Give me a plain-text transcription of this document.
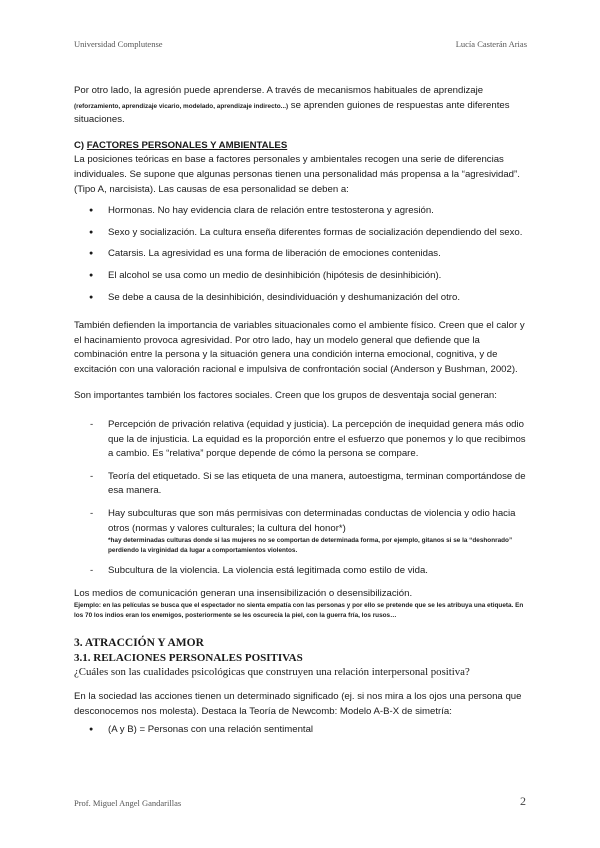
Universidad Complutense	Lucía Casterán Arias

Por otro lado, la agresión puede aprenderse. A través de mecanismos habituales de aprendizaje (reforzamiento, aprendizaje vicario, modelado, aprendizaje indirecto...) se aprenden guiones de respuestas ante diferentes situaciones.

C) FACTORES PERSONALES Y AMBIENTALES

La posiciones teóricas en base a factores personales y ambientales recogen una serie de diferencias individuales. Se supone que algunas personas tienen una personalidad más propensa a la “agresividad”. (Tipo A, narcisista). Las causas de esa personalidad se deben a:

● Hormonas. No hay evidencia clara de relación entre testosterona y agresión.
● Sexo y socialización. La cultura enseña diferentes formas de socialización dependiendo del sexo.
● Catarsis. La agresividad es una forma de liberación de emociones contenidas.
● El alcohol se usa como un medio de desinhibición (hipótesis de desinhibición).
● Se debe a causa de la desinhibición, desindividuación y deshumanización del otro.

También defienden la importancia de variables situacionales como el ambiente físico. Creen que el calor y el hacinamiento provoca agresividad. Por otro lado, hay un modelo general que defiende que la combinación entre la persona y la situación genera una condición interna emocional, cognitiva, y de excitación con una valoración racional e impulsiva de confrontación social (Anderson y Bushman, 2002).

Son importantes también los factores sociales. Creen que los grupos de desventaja social generan:

- Percepción de privación relativa (equidad y justicia). La percepción de inequidad genera más odio que la de injusticia. La equidad es la proporción entre el esfuerzo que ponemos y lo que recibimos a cambio. Es “relativa” porque depende de cómo la persona se compare.
- Teoría del etiquetado. Si se las etiqueta de una manera, autoestigma, terminan comportándose de esa manera.
- Hay subculturas que son más permisivas con determinadas conductas de violencia y odio hacia otros (normas y valores culturales; la cultura del honor*)
*hay determinadas culturas donde si las mujeres no se comportan de determinada forma, por ejemplo, gitanos si se la “deshonrado” perdiendo la virginidad da lugar a comportamientos violentos.
- Subcultura de la violencia. La violencia está legitimada como estilo de vida.

Los medios de comunicación generan una insensibilización o desensibilización.

Ejemplo: en las películas se busca que el espectador no sienta empatía con las personas y por ello se pretende que se les atribuya una etiqueta. En los 70 los indios eran los enemigos, posteriormente se les oscurecía la piel, con la guerra fría, los rusos…

3. ATRACCIÓN Y AMOR

3.1. RELACIONES PERSONALES POSITIVAS

¿Cuáles son las cualidades psicológicas que construyen una relación interpersonal positiva?

En la sociedad las acciones tienen un determinado significado (ej. si nos mira a los ojos una persona que desconocemos nos molesta). Destaca la Teoría de Newcomb: Modelo A-B-X de simetría:

● (A y B) = Personas con una relación sentimental
Prof. Miguel Angel Gandarillas	2
